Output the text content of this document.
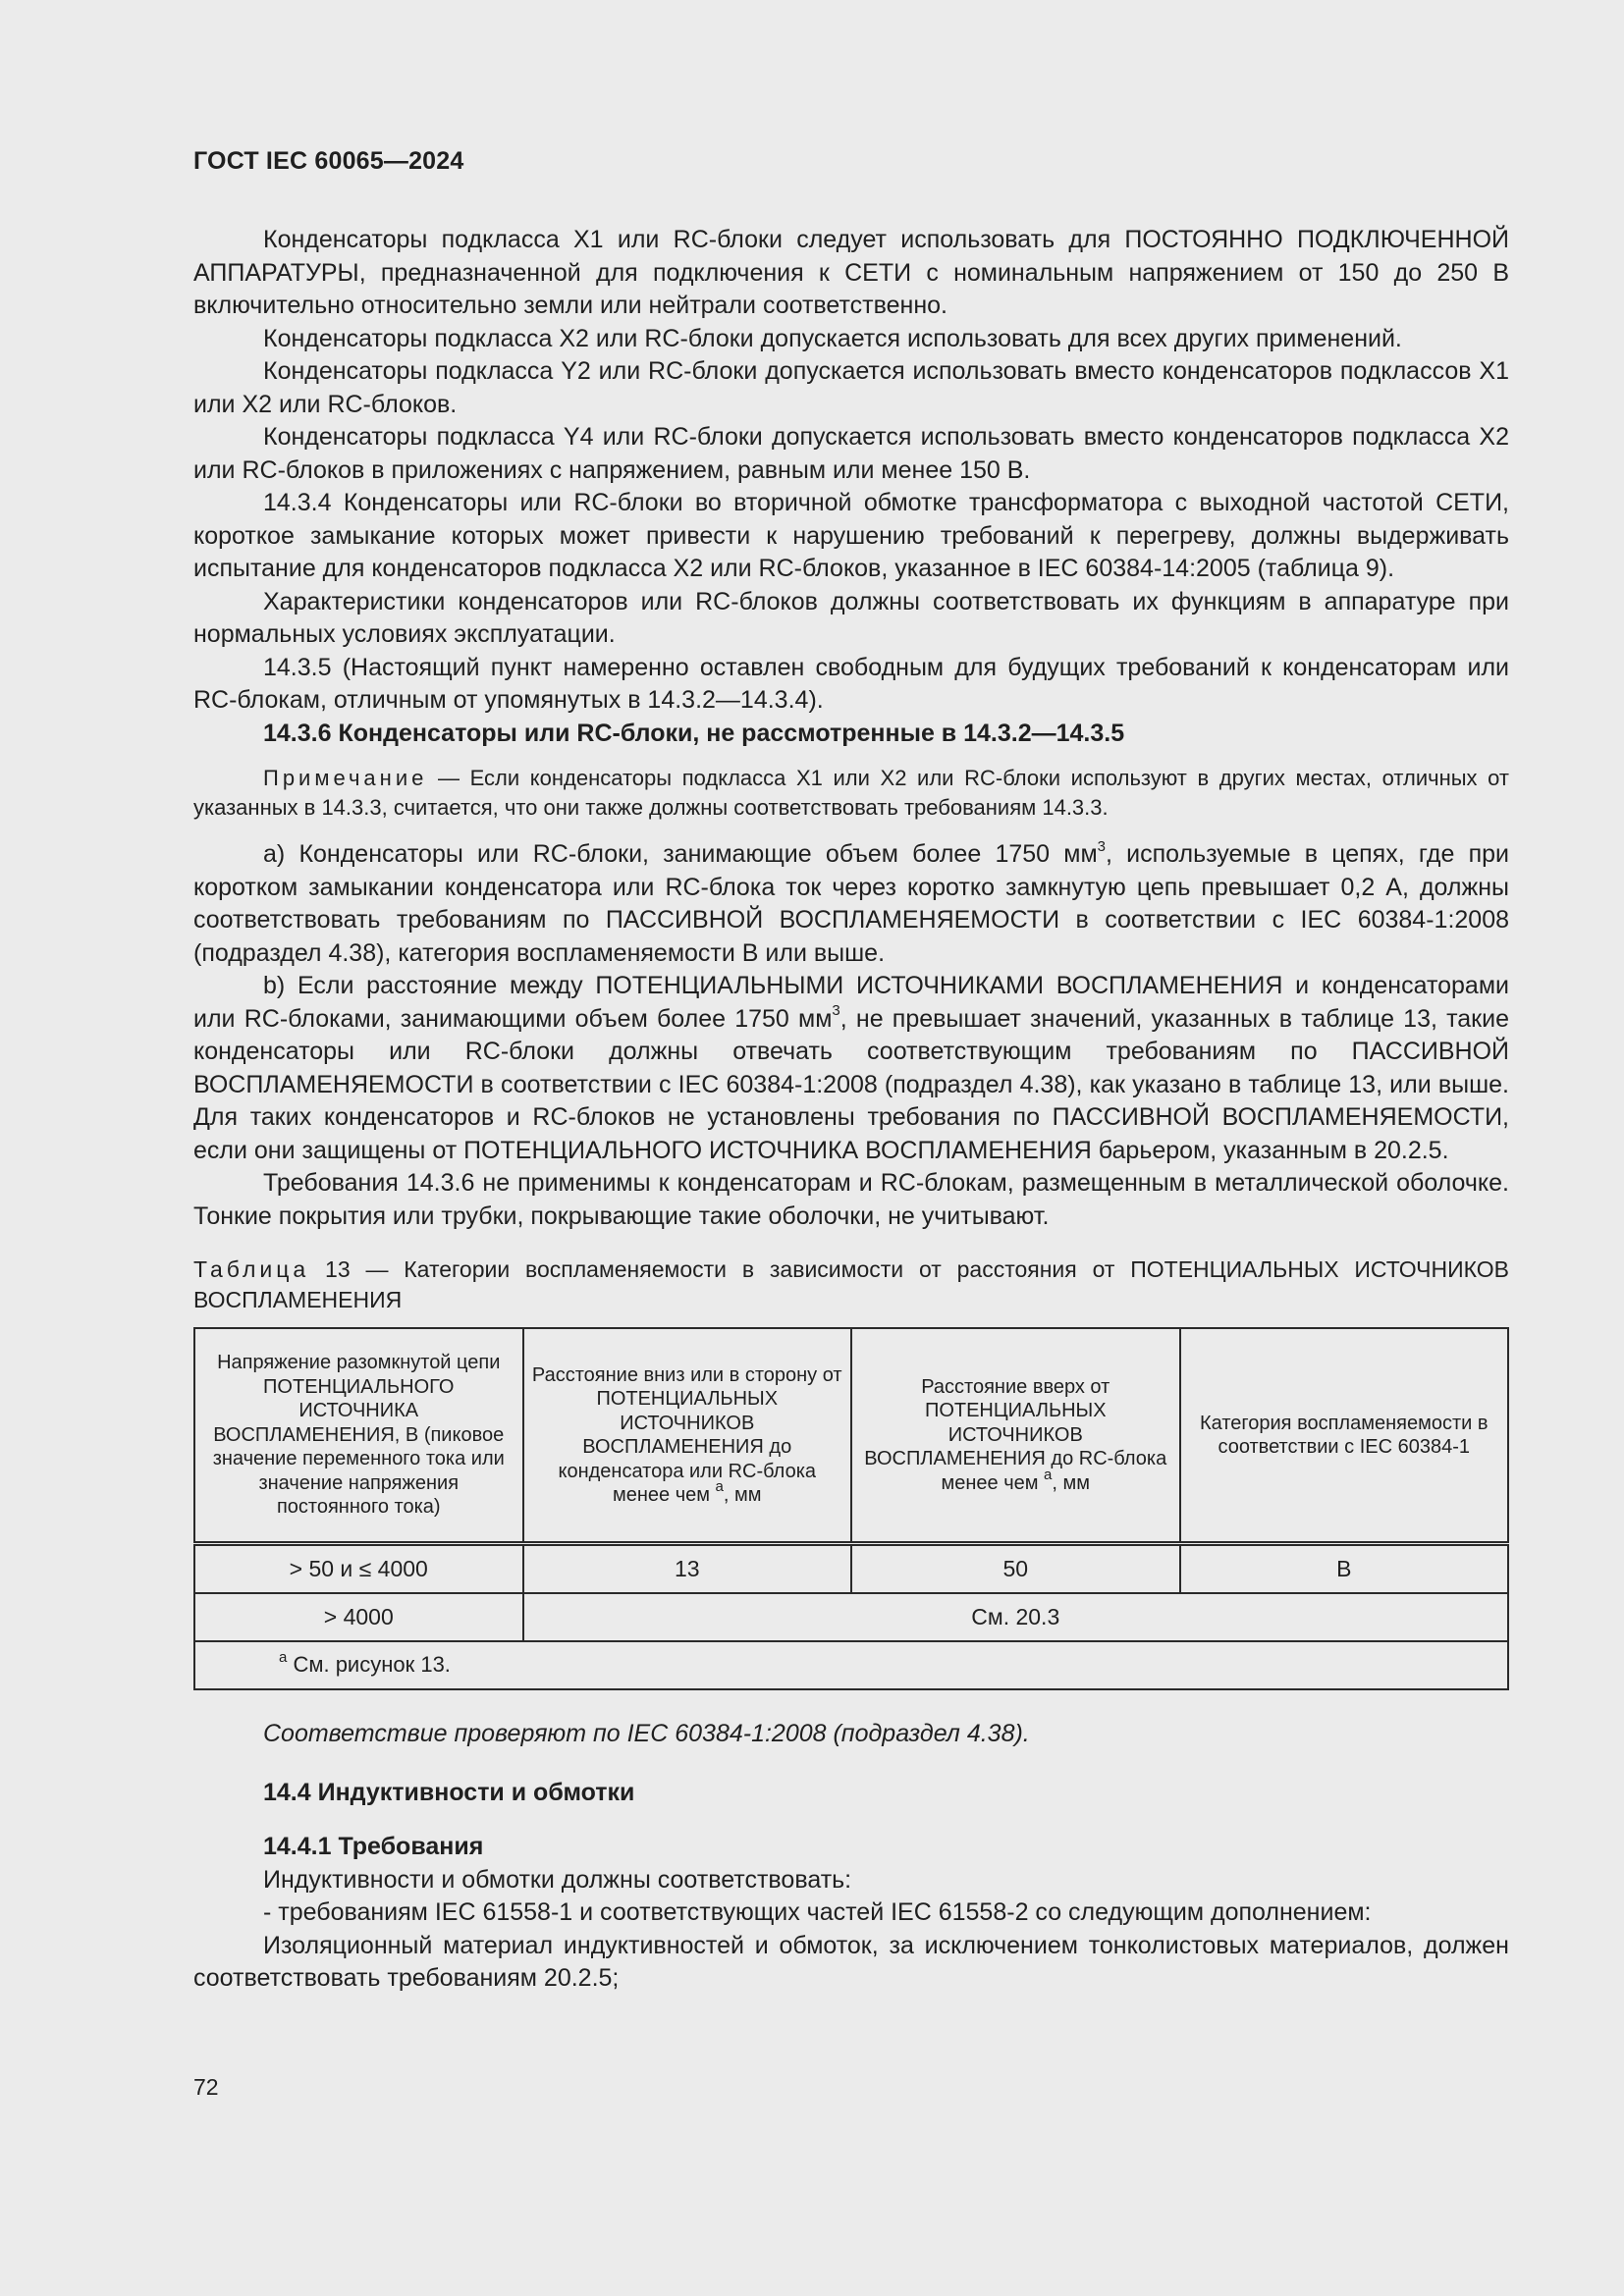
ГОСТ IEC 60065—2024

Конденсаторы подкласса X1 или RC-блоки следует использовать для ПОСТОЯННО ПОДКЛЮЧЕННОЙ АППАРАТУРЫ, предназначенной для подключения к СЕТИ с номинальным напряжением от 150 до 250 В включительно относительно земли или нейтрали соответственно.

Конденсаторы подкласса X2 или RC-блоки допускается использовать для всех других применений.

Конденсаторы подкласса Y2 или RC-блоки допускается использовать вместо конденсаторов подклассов X1 или X2 или RC-блоков.

Конденсаторы подкласса Y4 или RC-блоки допускается использовать вместо конденсаторов подкласса X2 или RC-блоков в приложениях с напряжением, равным или менее 150 В.

14.3.4 Конденсаторы или RC-блоки во вторичной обмотке трансформатора с выходной частотой СЕТИ, короткое замыкание которых может привести к нарушению требований к перегреву, должны выдерживать испытание для конденсаторов подкласса X2 или RC-блоков, указанное в IEC 60384-14:2005 (таблица 9).

Характеристики конденсаторов или RC-блоков должны соответствовать их функциям в аппаратуре при нормальных условиях эксплуатации.

14.3.5 (Настоящий пункт намеренно оставлен свободным для будущих требований к конденсаторам или RC-блокам, отличным от упомянутых в 14.3.2—14.3.4).

14.3.6 Конденсаторы или RC-блоки, не рассмотренные в 14.3.2—14.3.5

Примечание — Если конденсаторы подкласса X1 или X2 или RC-блоки используют в других местах, отличных от указанных в 14.3.3, считается, что они также должны соответствовать требованиям 14.3.3.

a) Конденсаторы или RC-блоки, занимающие объем более 1750 $мм^3$, используемые в цепях, где при коротком замыкании конденсатора или RC-блока ток через коротко замкнутую цепь превышает 0,2 А, должны соответствовать требованиям по ПАССИВНОЙ ВОСПЛАМЕНЯЕМОСТИ в соответствии с IEC 60384-1:2008 (подраздел 4.38), категория воспламеняемости B или выше.

b) Если расстояние между ПОТЕНЦИАЛЬНЫМИ ИСТОЧНИКАМИ ВОСПЛАМЕНЕНИЯ и конденсаторами или RC-блоками, занимающими объем более 1750 $мм^3$, не превышает значений, указанных в таблице 13, такие конденсаторы или RC-блоки должны отвечать соответствующим требованиям по ПАССИВНОЙ ВОСПЛАМЕНЯЕМОСТИ в соответствии с IEC 60384-1:2008 (подраздел 4.38), как указано в таблице 13, или выше. Для таких конденсаторов и RC-блоков не установлены требования по ПАССИВНОЙ ВОСПЛАМЕНЯЕМОСТИ, если они защищены от ПОТЕНЦИАЛЬНОГО ИСТОЧНИКА ВОСПЛАМЕНЕНИЯ барьером, указанным в 20.2.5.

Требования 14.3.6 не применимы к конденсаторам и RC-блокам, размещенным в металлической оболочке. Тонкие покрытия или трубки, покрывающие такие оболочки, не учитывают.

Таблица 13 — Категории воспламеняемости в зависимости от расстояния от ПОТЕНЦИАЛЬНЫХ ИСТОЧНИКОВ ВОСПЛАМЕНЕНИЯ

Напряжение разомкнутой цепи ПОТЕНЦИАЛЬНОГО ИСТОЧНИКА ВОСПЛАМЕНЕНИЯ, В (пиковое значение переменного тока или значение напряжения постоянного тока)	Расстояние вниз или в сторону от ПОТЕНЦИАЛЬНЫХ ИСТОЧНИКОВ ВОСПЛАМЕНЕНИЯ до конденсатора или RC-блока менее чем $^a$, мм	Расстояние вверх от ПОТЕНЦИАЛЬНЫХ ИСТОЧНИКОВ ВОСПЛАМЕНЕНИЯ до RC-блока менее чем $^a$, мм	Категория воспламеняемости в соответствии с IEC 60384-1
> 50 и ≤ 4000	13	50	B
> 4000	См. 20.3		
$^a$ См. рисунок 13.			

Соответствие проверяют по IEC 60384-1:2008 (подраздел 4.38).

14.4 Индуктивности и обмотки

14.4.1 Требования

Индуктивности и обмотки должны соответствовать:

- требованиям IEC 61558-1 и соответствующих частей IEC 61558-2 со следующим дополнением:

Изоляционный материал индуктивностей и обмоток, за исключением тонколистовых материалов, должен соответствовать требованиям 20.2.5;

72
